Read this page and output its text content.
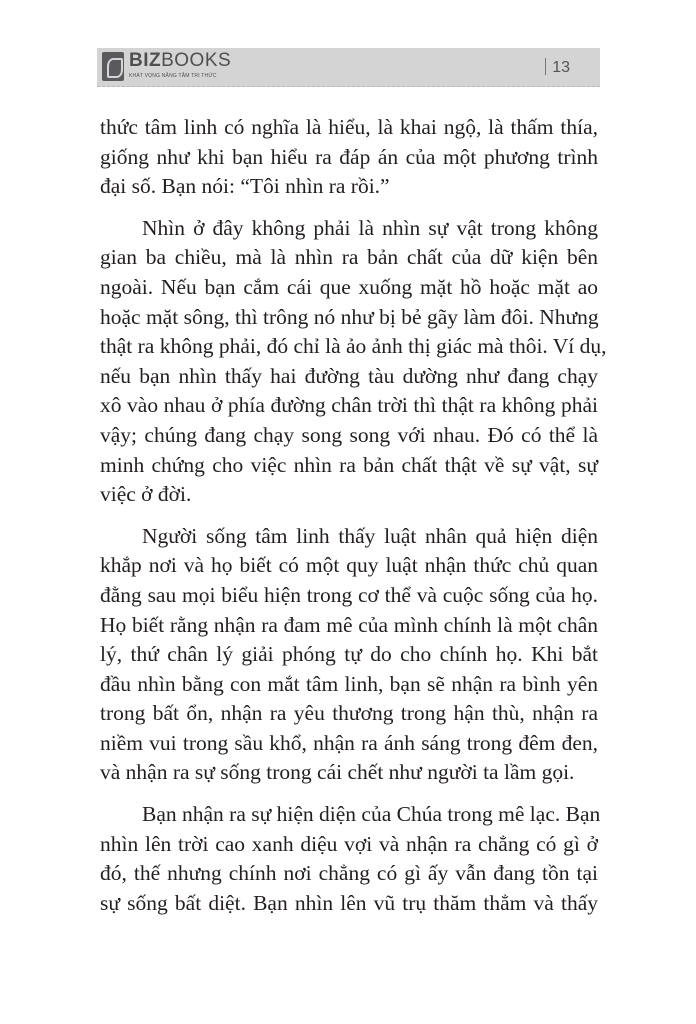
BIZBOOKS
KHÁT VỌNG NÂNG TẦM TRI THỨC	13
thức tâm linh có nghĩa là hiểu, là khai ngộ, là thấm thía,
giống như khi bạn hiểu ra đáp án của một phương trình
đại số. Bạn nói: “Tôi nhìn ra rồi.”
Nhìn ở đây không phải là nhìn sự vật trong không
gian ba chiều, mà là nhìn ra bản chất của dữ kiện bên
ngoài. Nếu bạn cắm cái que xuống mặt hồ hoặc mặt ao
hoặc mặt sông, thì trông nó như bị bẻ gãy làm đôi. Nhưng
thật ra không phải, đó chỉ là ảo ảnh thị giác mà thôi. Ví dụ,
nếu bạn nhìn thấy hai đường tàu dường như đang chạy
xô vào nhau ở phía đường chân trời thì thật ra không phải
vậy; chúng đang chạy song song với nhau. Đó có thể là
minh chứng cho việc nhìn ra bản chất thật về sự vật, sự
việc ở đời.
Người sống tâm linh thấy luật nhân quả hiện diện
khắp nơi và họ biết có một quy luật nhận thức chủ quan
đằng sau mọi biểu hiện trong cơ thể và cuộc sống của họ.
Họ biết rằng nhận ra đam mê của mình chính là một chân
lý, thứ chân lý giải phóng tự do cho chính họ. Khi bắt
đầu nhìn bằng con mắt tâm linh, bạn sẽ nhận ra bình yên
trong bất ổn, nhận ra yêu thương trong hận thù, nhận ra
niềm vui trong sầu khổ, nhận ra ánh sáng trong đêm đen,
và nhận ra sự sống trong cái chết như người ta lầm gọi.
Bạn nhận ra sự hiện diện của Chúa trong mê lạc. Bạn
nhìn lên trời cao xanh diệu vợi và nhận ra chẳng có gì ở
đó, thế nhưng chính nơi chẳng có gì ấy vẫn đang tồn tại
sự sống bất diệt. Bạn nhìn lên vũ trụ thăm thẳm và thấy
